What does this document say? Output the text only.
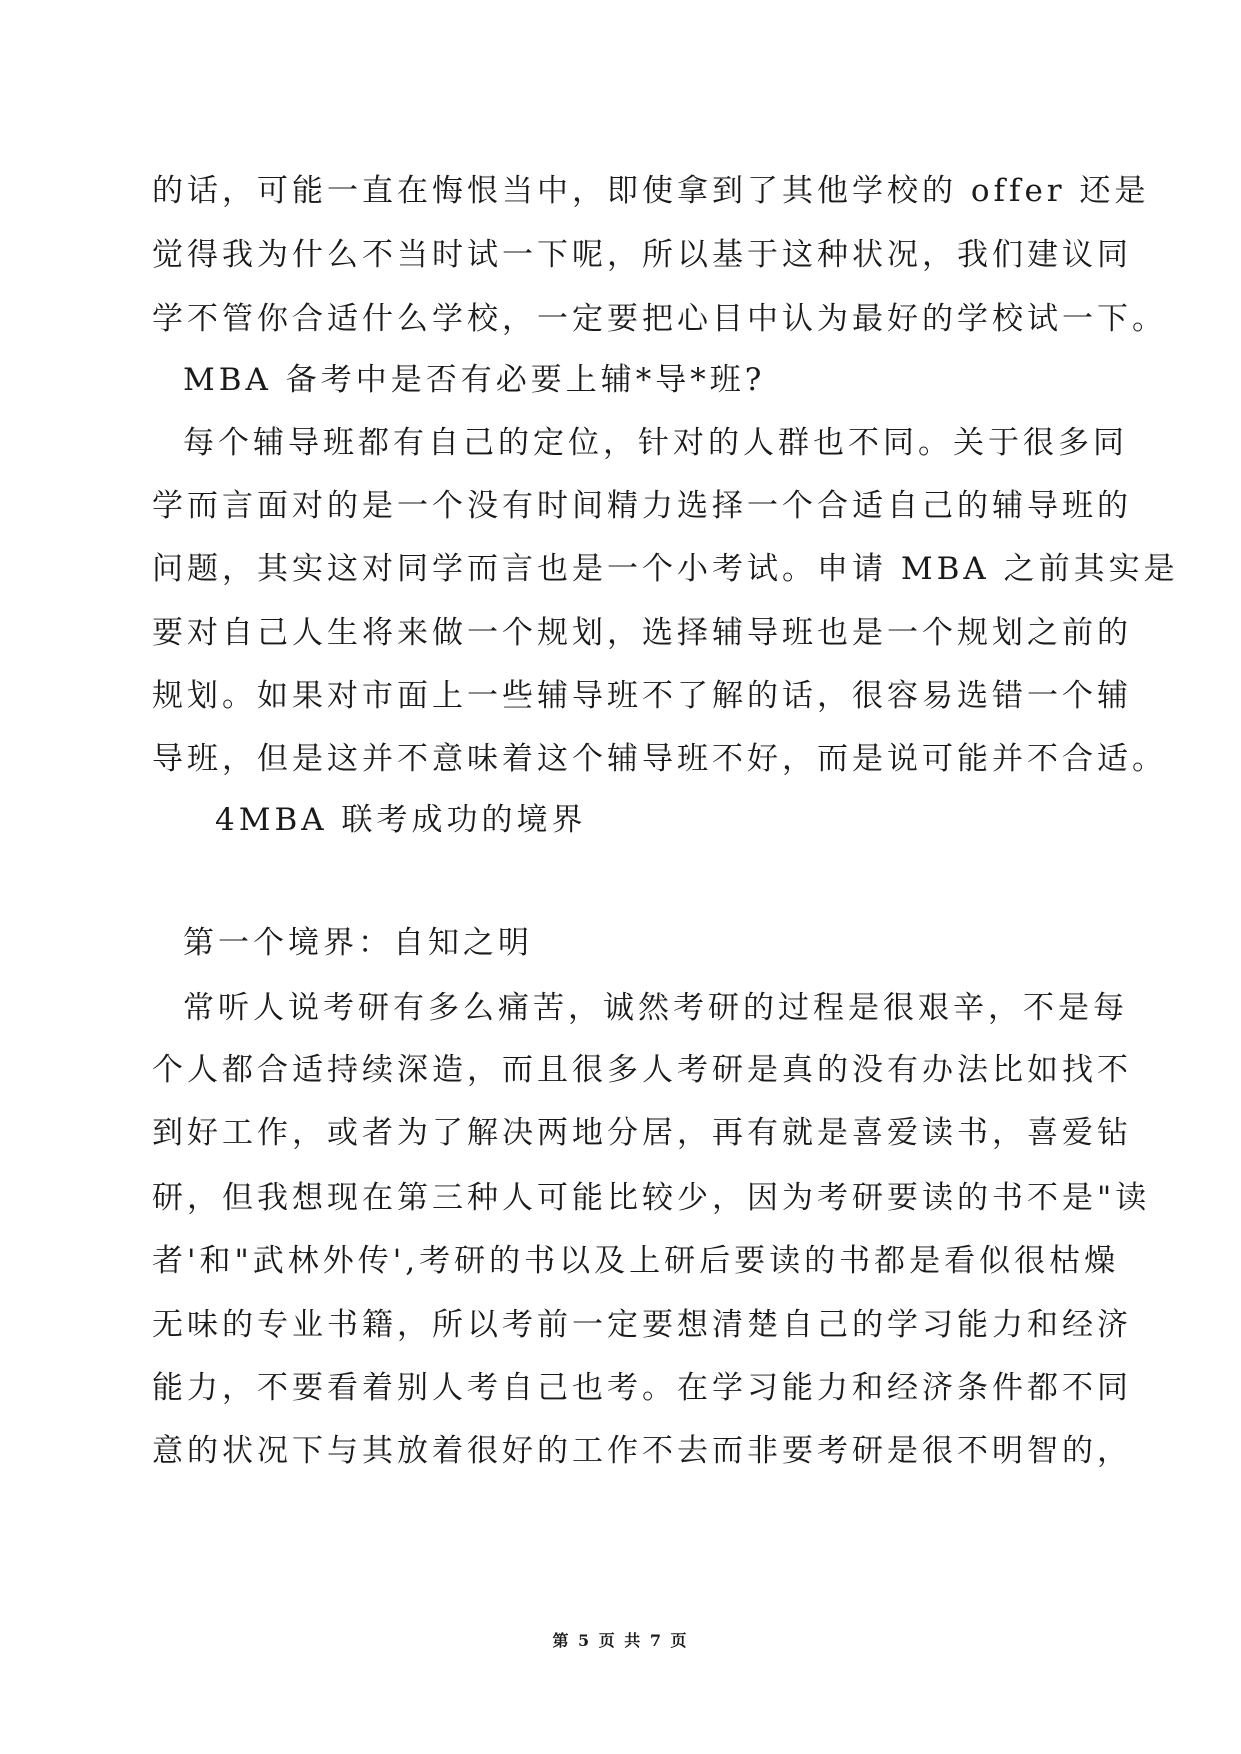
的话，可能一直在悔恨当中，即使拿到了其他学校的 offer 还是
觉得我为什么不当时试一下呢，所以基于这种状况，我们建议同
学不管你合适什么学校，一定要把心目中认为最好的学校试一下。
MBA 备考中是否有必要上辅*导*班?
每个辅导班都有自己的定位，针对的人群也不同。关于很多同
学而言面对的是一个没有时间精力选择一个合适自己的辅导班的
问题，其实这对同学而言也是一个小考试。申请 MBA 之前其实是
要对自己人生将来做一个规划，选择辅导班也是一个规划之前的
规划。如果对市面上一些辅导班不了解的话，很容易选错一个辅
导班，但是这并不意味着这个辅导班不好，而是说可能并不合适。
4MBA 联考成功的境界
第一个境界：自知之明
常听人说考研有多么痛苦，诚然考研的过程是很艰辛，不是每
个人都合适持续深造，而且很多人考研是真的没有办法比如找不
到好工作，或者为了解决两地分居，再有就是喜爱读书，喜爱钻
研，但我想现在第三种人可能比较少，因为考研要读的书不是"读
者'和"武林外传',考研的书以及上研后要读的书都是看似很枯燥
无味的专业书籍，所以考前一定要想清楚自己的学习能力和经济
能力，不要看着别人考自己也考。在学习能力和经济条件都不同
意的状况下与其放着很好的工作不去而非要考研是很不明智的，
第 5 页 共 7 页
